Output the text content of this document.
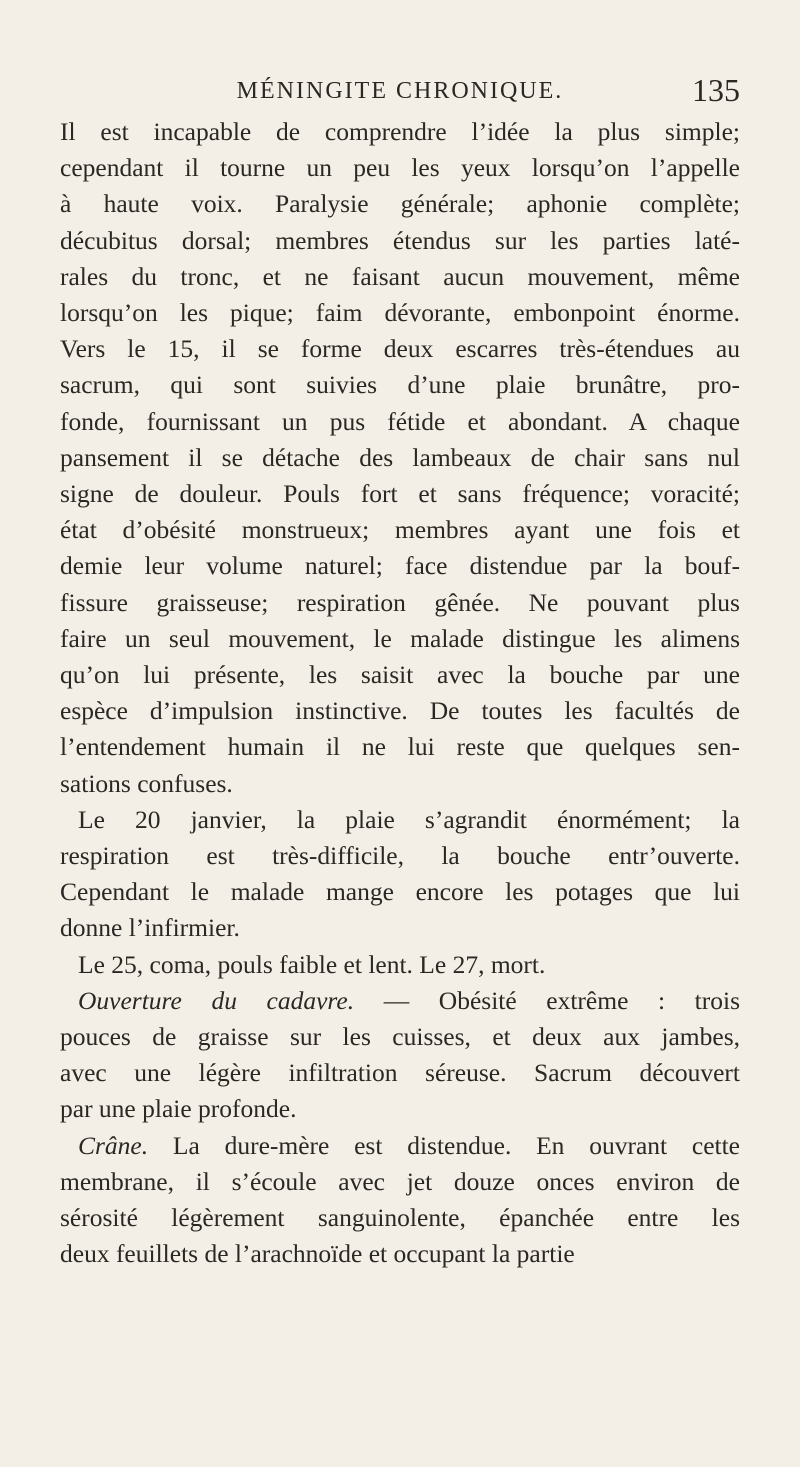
MÉNINGITE CHRONIQUE.	135
Il est incapable de comprendre l’idée la plus simple;
cependant il tourne un peu les yeux lorsqu’on l’appelle
à haute voix. Paralysie générale; aphonie complète;
décubitus dorsal; membres étendus sur les parties laté-
rales du tronc, et ne faisant aucun mouvement, même
lorsqu’on les pique; faim dévorante, embonpoint énorme.
Vers le 15, il se forme deux escarres très-étendues au
sacrum, qui sont suivies d’une plaie brunâtre, pro-
fonde, fournissant un pus fétide et abondant. A chaque
pansement il se détache des lambeaux de chair sans nul
signe de douleur. Pouls fort et sans fréquence; voracité;
état d’obésité monstrueux; membres ayant une fois et
demie leur volume naturel; face distendue par la bouf-
fissure graisseuse; respiration gênée. Ne pouvant plus
faire un seul mouvement, le malade distingue les alimens
qu’on lui présente, les saisit avec la bouche par une
espèce d’impulsion instinctive. De toutes les facultés de
l’entendement humain il ne lui reste que quelques sen-
sations confuses.
Le 20 janvier, la plaie s’agrandit énormément; la
respiration est très-difficile, la bouche entr’ouverte.
Cependant le malade mange encore les potages que lui
donne l’infirmier.
Le 25, coma, pouls faible et lent. Le 27, mort.
Ouverture du cadavre. — Obésité extrême : trois
pouces de graisse sur les cuisses, et deux aux jambes,
avec une légère infiltration séreuse. Sacrum découvert
par une plaie profonde.
Crâne. La dure-mère est distendue. En ouvrant cette
membrane, il s’écoule avec jet douze onces environ de
sérosité légèrement sanguinolente, épanchée entre les
deux feuillets de l’arachnoïde et occupant la partie
